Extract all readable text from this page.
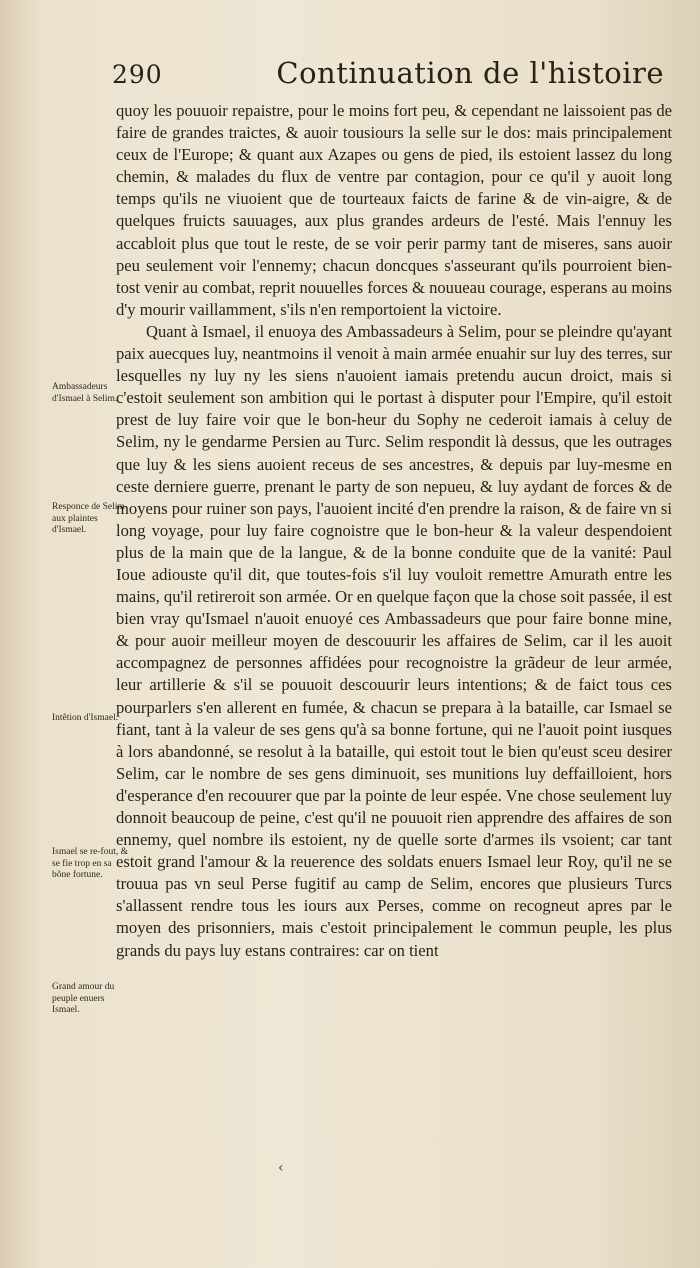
290	Continuation de l'histoire

quoy les pouuoir repaistre, pour le moins fort peu, & cependant ne laissoient pas de faire de grandes traictes, & auoir tousiours la selle sur le dos: mais principalement ceux de l'Europe; & quant aux Azapes ou gens de pied, ils estoient lassez du long chemin, & malades du flux de ventre par contagion, pour ce qu'il y auoit long temps qu'ils ne viuoient que de tourteaux faicts de farine & de vin-aigre, & de quelques fruicts sauuages, aux plus grandes ardeurs de l'esté. Mais l'ennuy les accabloit plus que tout le reste, de se voir perir parmy tant de miseres, sans auoir peu seulement voir l'ennemy; chacun doncques s'asseurant qu'ils pourroient bien-tost venir au combat, reprit nouuelles forces & nouueau courage, esperans au moins d'y mourir vaillamment, s'ils n'en remportoient la victoire.

Quant à Ismael, il enuoya des Ambassadeurs à Selim, pour se pleindre qu'ayant paix auecques luy, neantmoins il venoit à main armée enuahir sur luy des terres, sur lesquelles ny luy ny les siens n'auoient iamais pretendu aucun droict, mais si c'estoit seulement son ambition qui le portast à disputer pour l'Empire, qu'il estoit prest de luy faire voir que le bon-heur du Sophy ne cederoit iamais à celuy de Selim, ny le gendarme Persien au Turc. Selim respondit là dessus, que les outrages que luy & les siens auoient receus de ses ancestres, & depuis par luy-mesme en ceste derniere guerre, prenant le party de son nepueu, & luy aydant de forces & de moyens pour ruiner son pays, l'auoient incité d'en prendre la raison, & de faire vn si long voyage, pour luy faire cognoistre que le bon-heur & la valeur despendoient plus de la main que de la langue, & de la bonne conduite que de la vanité: Paul Ioue adiouste qu'il dit, que toutes-fois s'il luy vouloit remettre Amurath entre les mains, qu'il retireroit son armée. Or en quelque façon que la chose soit passée, il est bien vray qu'Ismael n'auoit enuoyé ces Ambassadeurs que pour faire bonne mine, & pour auoir meilleur moyen de descouurir les affaires de Selim, car il les auoit accompagnez de personnes affidées pour recognoistre la grãdeur de leur armée, leur artillerie & s'il se pouuoit descouurir leurs intentions; & de faict tous ces pourparlers s'en allerent en fumée, & chacun se prepara à la bataille, car Ismael se fiant, tant à la valeur de ses gens qu'à sa bonne fortune, qui ne l'auoit point iusques à lors abandonné, se resolut à la bataille, qui estoit tout le bien qu'eust sceu desirer Selim, car le nombre de ses gens diminuoit, ses munitions luy deffailloient, hors d'esperance d'en recouurer que par la pointe de leur espée. Vne chose seulement luy donnoit beaucoup de peine, c'est qu'il ne pouuoit rien apprendre des affaires de son ennemy, quel nombre ils estoient, ny de quelle sorte d'armes ils vsoient; car tant estoit grand l'amour & la reuerence des soldats enuers Ismael leur Roy, qu'il ne se trouua pas vn seul Perse fugitif au camp de Selim, encores que plusieurs Turcs s'allassent rendre tous les iours aux Perses, comme on recogneut apres par le moyen des prisonniers, mais c'estoit principalement le commun peuple, les plus grands du pays luy estans contraires: car on tient

Ambassadeurs d'Ismael à Selim.
Responce de Selim aux plaintes d'Ismael.
Intẽtion d'Ismael.
Ismael se re-fout, & se fie trop en sa bõne fortune.
Grand amour du peuple enuers Ismael.
‹
